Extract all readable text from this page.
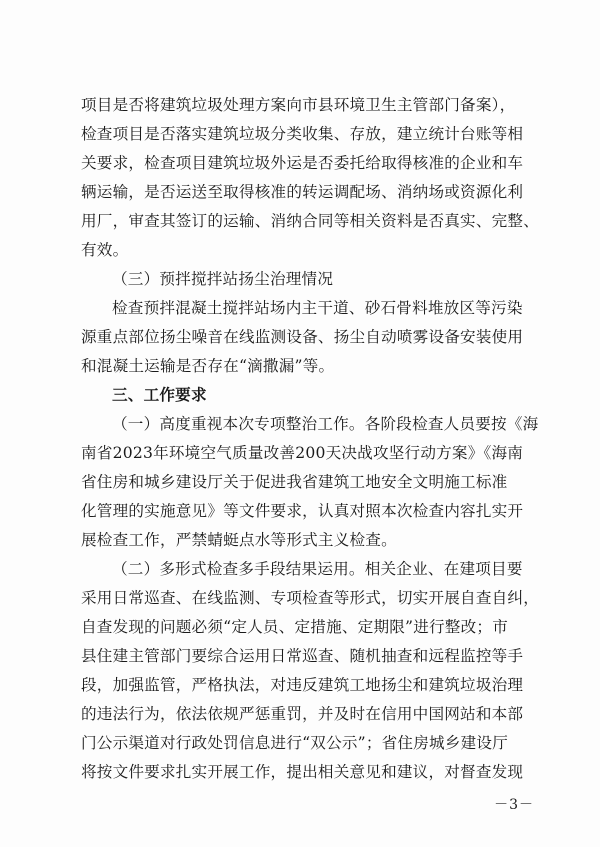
项目是否将建筑垃圾处理方案向市县环境卫生主管部门备案），
检查项目是否落实建筑垃圾分类收集、存放，建立统计台账等相
关要求，检查项目建筑垃圾外运是否委托给取得核准的企业和车
辆运输，是否运送至取得核准的转运调配场、消纳场或资源化利
用厂，审查其签订的运输、消纳合同等相关资料是否真实、完整、
有效。
（三）预拌搅拌站扬尘治理情况
检查预拌混凝土搅拌站场内主干道、砂石骨料堆放区等污染
源重点部位扬尘噪音在线监测设备、扬尘自动喷雾设备安装使用
和混凝土运输是否存在“滴撒漏”等。
三、工作要求
（一）高度重视本次专项整治工作。各阶段检查人员要按《海
南省2023年环境空气质量改善200天决战攻坚行动方案》《海南
省住房和城乡建设厅关于促进我省建筑工地安全文明施工标准
化管理的实施意见》等文件要求，认真对照本次检查内容扎实开
展检查工作，严禁蜻蜓点水等形式主义检查。
（二）多形式检查多手段结果运用。相关企业、在建项目要
采用日常巡查、在线监测、专项检查等形式，切实开展自查自纠，
自查发现的问题必须“定人员、定措施、定期限”进行整改；市
县住建主管部门要综合运用日常巡查、随机抽查和远程监控等手
段，加强监管，严格执法，对违反建筑工地扬尘和建筑垃圾治理
的违法行为，依法依规严惩重罚，并及时在信用中国网站和本部
门公示渠道对行政处罚信息进行“双公示”；省住房城乡建设厅
将按文件要求扎实开展工作，提出相关意见和建议，对督查发现
－3－
